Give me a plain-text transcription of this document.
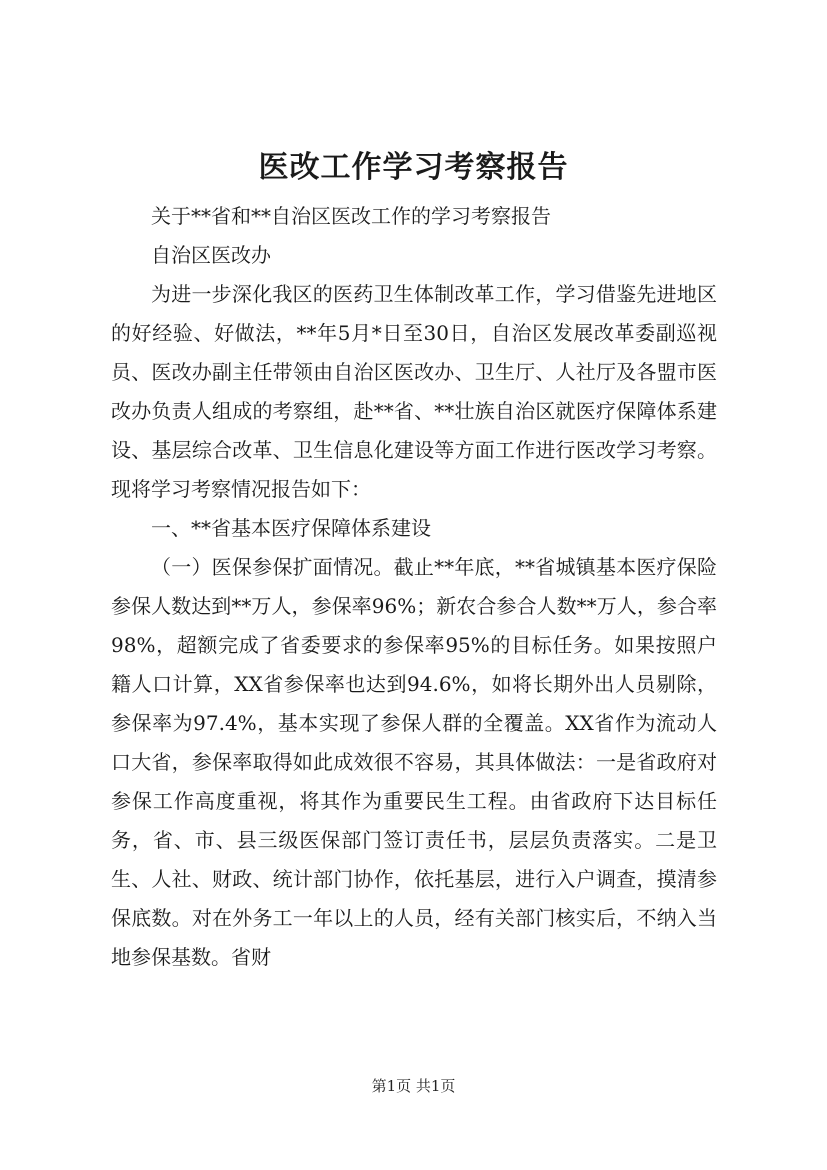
医改工作学习考察报告

关于**省和**自治区医改工作的学习考察报告

自治区医改办

为进一步深化我区的医药卫生体制改革工作，学习借鉴先进地区的好经验、好做法，**年5月*日至30日，自治区发展改革委副巡视员、医改办副主任带领由自治区医改办、卫生厅、人社厅及各盟市医改办负责人组成的考察组，赴**省、**壮族自治区就医疗保障体系建设、基层综合改革、卫生信息化建设等方面工作进行医改学习考察。现将学习考察情况报告如下：

一、**省基本医疗保障体系建设

（一）医保参保扩面情况。截止**年底，**省城镇基本医疗保险参保人数达到**万人，参保率96%；新农合参合人数**万人，参合率98%，超额完成了省委要求的参保率95%的目标任务。如果按照户籍人口计算，XX省参保率也达到94.6%，如将长期外出人员剔除，参保率为97.4%，基本实现了参保人群的全覆盖。XX省作为流动人口大省，参保率取得如此成效很不容易，其具体做法：一是省政府对参保工作高度重视，将其作为重要民生工程。由省政府下达目标任务，省、市、县三级医保部门签订责任书，层层负责落实。二是卫生、人社、财政、统计部门协作，依托基层，进行入户调查，摸清参保底数。对在外务工一年以上的人员，经有关部门核实后，不纳入当地参保基数。省财

第1页 共1页
